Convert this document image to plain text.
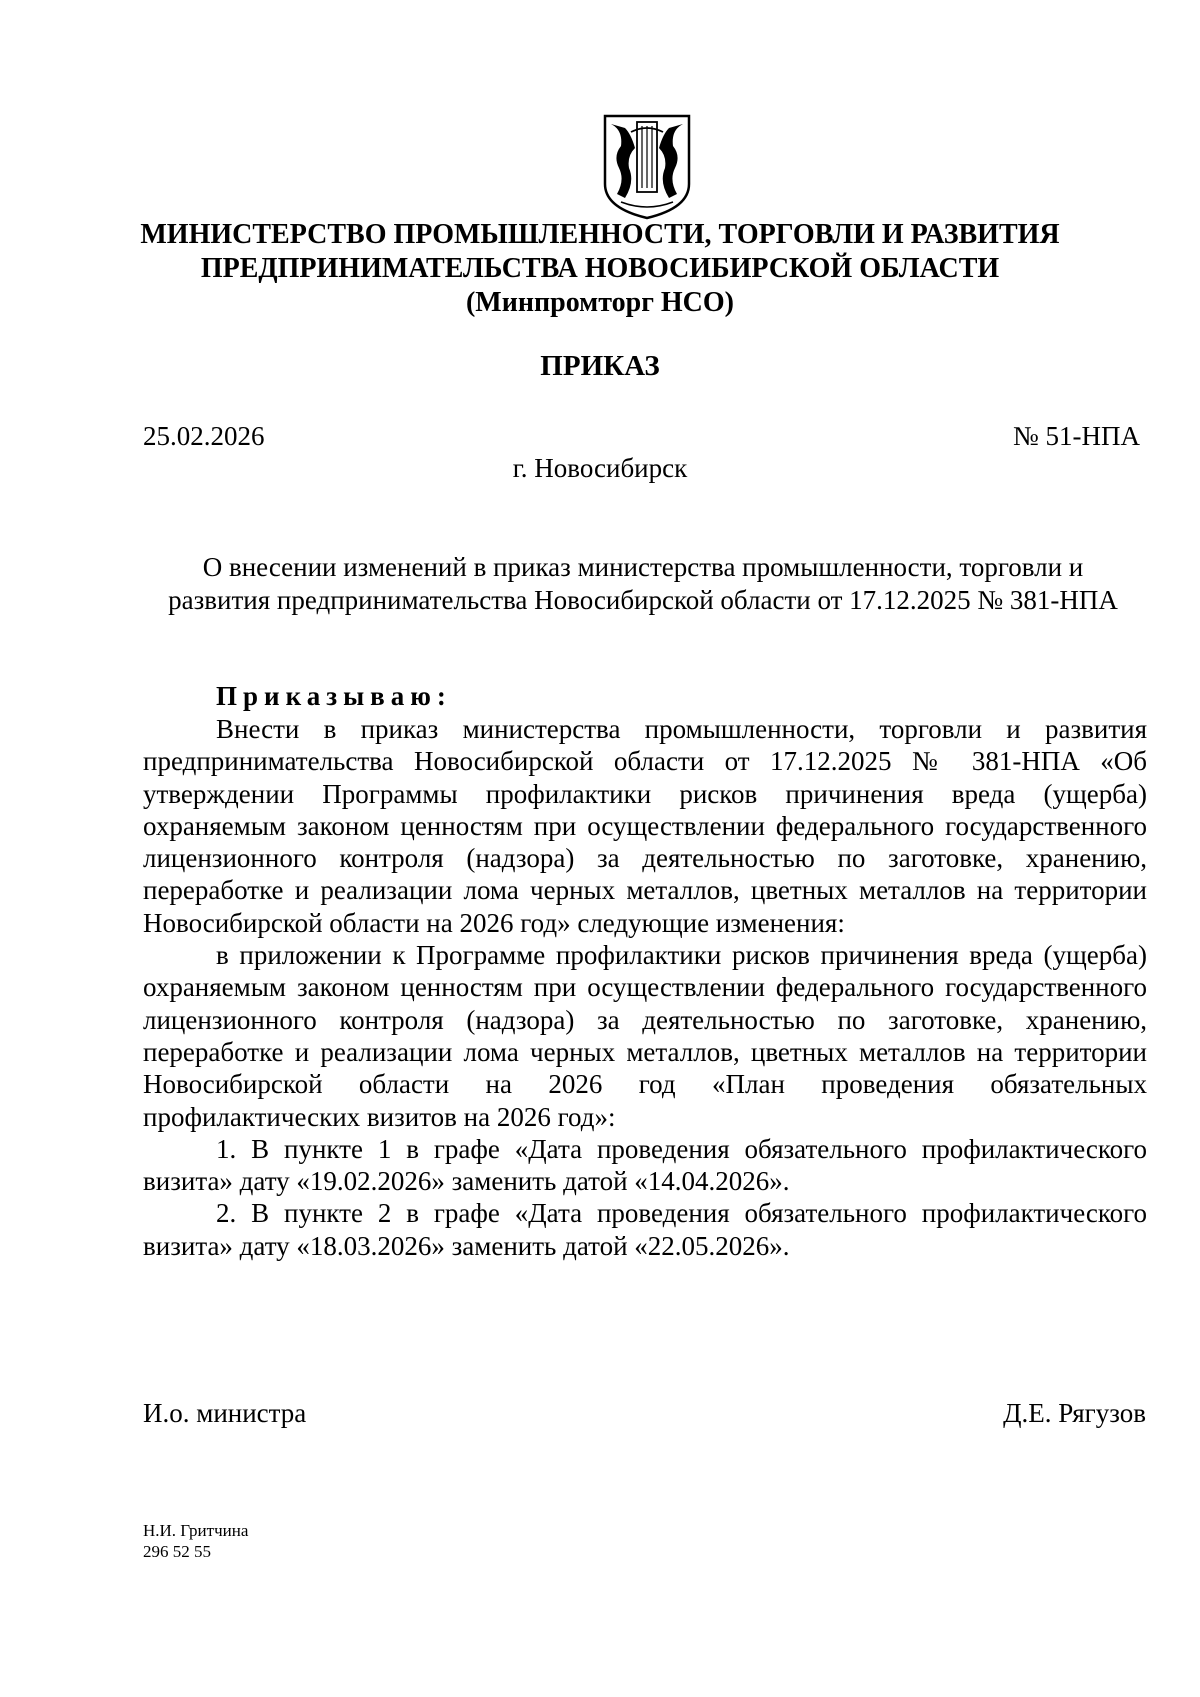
МИНИСТЕРСТВО ПРОМЫШЛЕННОСТИ, ТОРГОВЛИ И РАЗВИТИЯ
ПРЕДПРИНИМАТЕЛЬСТВА НОВОСИБИРСКОЙ ОБЛАСТИ
(Минпромторг НСО)
ПРИКАЗ
25.02.2026	№ 51-НПА
г. Новосибирск
О внесении изменений в приказ министерства промышленности, торговли и
развития предпринимательства Новосибирской области от 17.12.2025 № 381-НПА
Приказываю:

Внести в приказ министерства промышленности, торговли и развития предпринимательства Новосибирской области от 17.12.2025 № 381-НПА «Об утверждении Программы профилактики рисков причинения вреда (ущерба) охраняемым законом ценностям при осуществлении федерального государственного лицензионного контроля (надзора) за деятельностью по заготовке, хранению, переработке и реализации лома черных металлов, цветных металлов на территории Новосибирской области на 2026 год» следующие изменения:

в приложении к Программе профилактики рисков причинения вреда (ущерба) охраняемым законом ценностям при осуществлении федерального государственного лицензионного контроля (надзора) за деятельностью по заготовке, хранению, переработке и реализации лома черных металлов, цветных металлов на территории Новосибирской области на 2026 год «План проведения обязательных профилактических визитов на 2026 год»:

1. В пункте 1 в графе «Дата проведения обязательного профилактического визита» дату «19.02.2026» заменить датой «14.04.2026».

2. В пункте 2 в графе «Дата проведения обязательного профилактического визита» дату «18.03.2026» заменить датой «22.05.2026».

И.о. министра	Д.Е. Рягузов
Н.И. Гритчина
296 52 55
